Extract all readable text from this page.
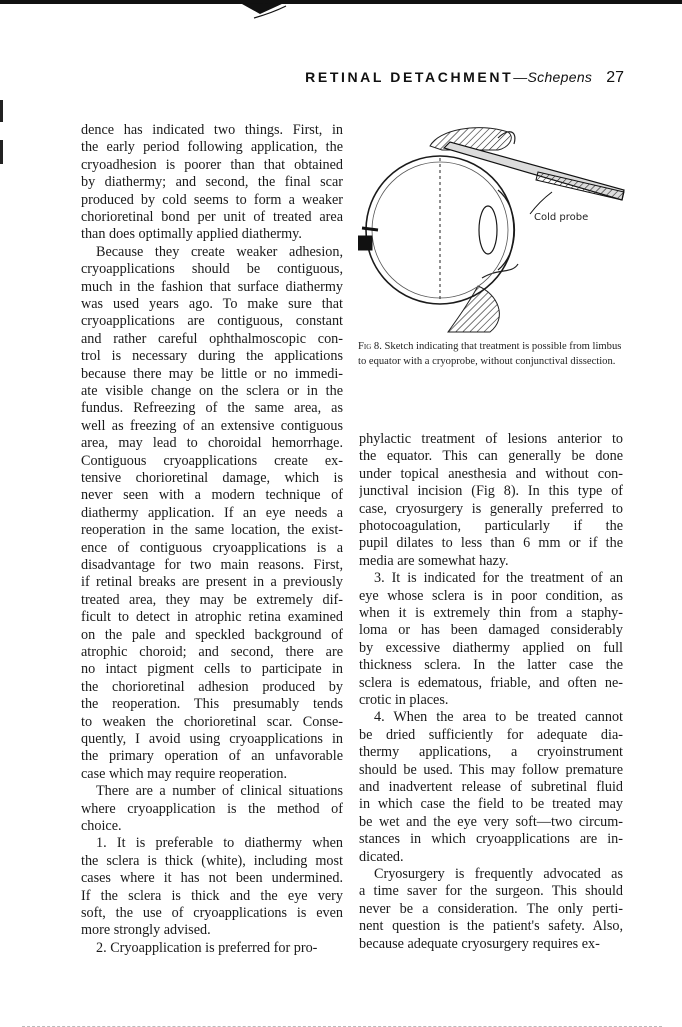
RETINAL DETACHMENT—Schepens 27
dence has indicated two things. First, in
the early period following application, the
cryoadhesion is poorer than that obtained
by diathermy; and second, the final scar
produced by cold seems to form a weaker
chorioretinal bond per unit of treated area
than does optimally applied diathermy.
Because they create weaker adhesion,
cryoapplications should be contiguous,
much in the fashion that surface diathermy
was used years ago. To make sure that
cryoapplications are contiguous, constant
and rather careful ophthalmoscopic con-
trol is necessary during the applications
because there may be little or no immedi-
ate visible change on the sclera or in the
fundus. Refreezing of the same area, as
well as freezing of an extensive contiguous
area, may lead to choroidal hemorrhage.
Contiguous cryoapplications create ex-
tensive chorioretinal damage, which is
never seen with a modern technique of
diathermy application. If an eye needs a
reoperation in the same location, the exist-
ence of contiguous cryoapplications is a
disadvantage for two main reasons. First,
if retinal breaks are present in a previously
treated area, they may be extremely dif-
ficult to detect in atrophic retina examined
on the pale and speckled background of
atrophic choroid; and second, there are
no intact pigment cells to participate in
the chorioretinal adhesion produced by
the reoperation. This presumably tends
to weaken the chorioretinal scar. Conse-
quently, I avoid using cryoapplications in
the primary operation of an unfavorable
case which may require reoperation.
There are a number of clinical situations
where cryoapplication is the method of
choice.
1. It is preferable to diathermy when
the sclera is thick (white), including most
cases where it has not been undermined.
If the sclera is thick and the eye very
soft, the use of cryoapplications is even
more strongly advised.
2. Cryoapplication is preferred for pro-
phylactic treatment of lesions anterior to
the equator. This can generally be done
under topical anesthesia and without con-
junctival incision (Fig 8). In this type of
case, cryosurgery is generally preferred to
photocoagulation, particularly if the
pupil dilates to less than 6 mm or if the
media are somewhat hazy.
3. It is indicated for the treatment of an
eye whose sclera is in poor condition, as
when it is extremely thin from a staphy-
loma or has been damaged considerably
by excessive diathermy applied on full
thickness sclera. In the latter case the
sclera is edematous, friable, and often ne-
crotic in places.
4. When the area to be treated cannot
be dried sufficiently for adequate dia-
thermy applications, a cryoinstrument
should be used. This may follow premature
and inadvertent release of subretinal fluid
in which case the field to be treated may
be wet and the eye very soft—two circum-
stances in which cryoapplications are in-
dicated.
Cryosurgery is frequently advocated as
a time saver for the surgeon. This should
never be a consideration. The only perti-
nent question is the patient's safety. Also,
because adequate cryosurgery requires ex-
Cold probe
Fig 8. Sketch indicating that treatment is possible from limbus to equator with a cryoprobe, without conjunctival dissection.
